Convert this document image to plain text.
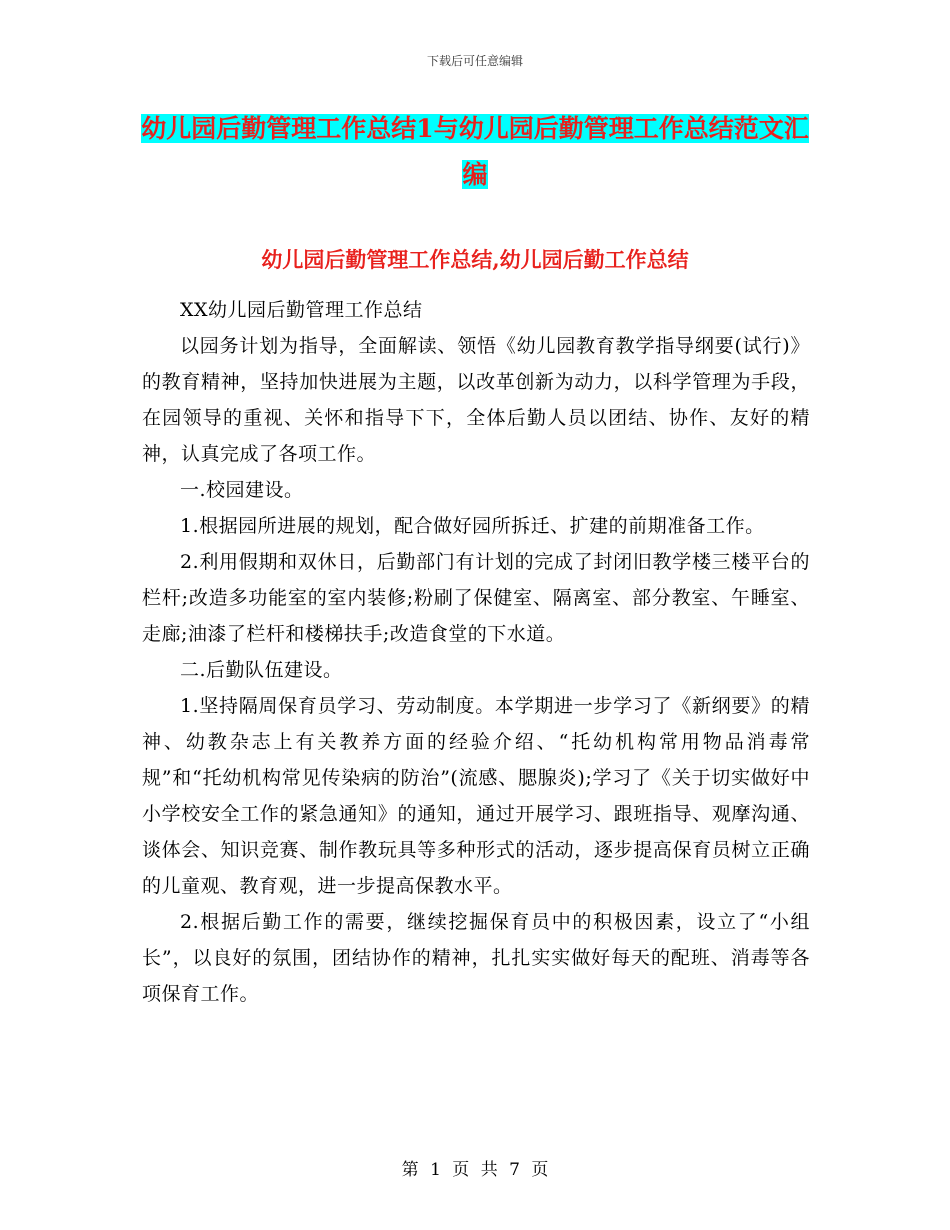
下载后可任意编辑
幼儿园后勤管理工作总结1与幼儿园后勤管理工作总结范文汇编
幼儿园后勤管理工作总结,幼儿园后勤工作总结

XX幼儿园后勤管理工作总结

以园务计划为指导，全面解读、领悟《幼儿园教育教学指导纲要(试行)》的教育精神，坚持加快进展为主题，以改革创新为动力，以科学管理为手段，在园领导的重视、关怀和指导下下，全体后勤人员以团结、协作、友好的精神，认真完成了各项工作。

一.校园建设。

1.根据园所进展的规划，配合做好园所拆迁、扩建的前期准备工作。

2.利用假期和双休日，后勤部门有计划的完成了封闭旧教学楼三楼平台的栏杆;改造多功能室的室内装修;粉刷了保健室、隔离室、部分教室、午睡室、走廊;油漆了栏杆和楼梯扶手;改造食堂的下水道。

二.后勤队伍建设。

1.坚持隔周保育员学习、劳动制度。本学期进一步学习了《新纲要》的精神、幼教杂志上有关教养方面的经验介绍、“托幼机构常用物品消毒常规”和“托幼机构常见传染病的防治”(流感、腮腺炎);学习了《关于切实做好中小学校安全工作的紧急通知》的通知，通过开展学习、跟班指导、观摩沟通、谈体会、知识竞赛、制作教玩具等多种形式的活动，逐步提高保育员树立正确的儿童观、教育观，进一步提高保教水平。

2.根据后勤工作的需要，继续挖掘保育员中的积极因素，设立了“小组长”，以良好的氛围，团结协作的精神，扎扎实实做好每天的配班、消毒等各项保育工作。

第 1 页 共 7 页
